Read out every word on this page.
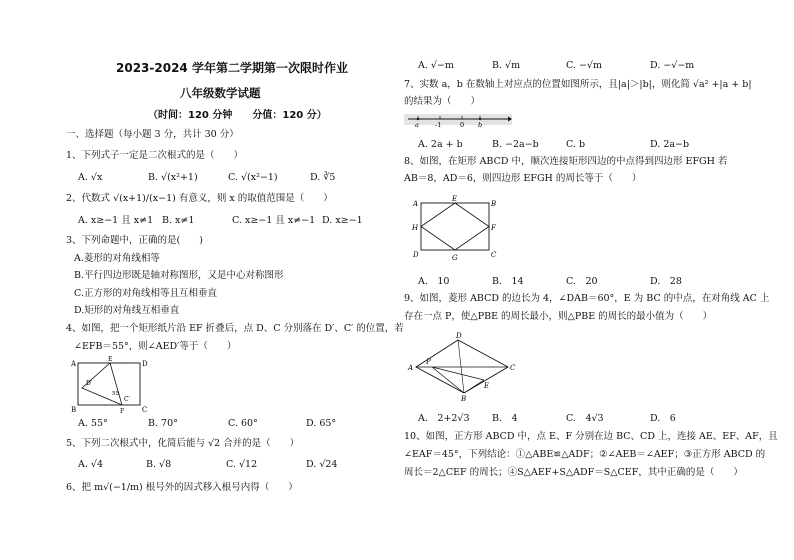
2023-2024 学年第二学期第一次限时作业
八年级数学试题
（时间：120 分钟　　分值：120 分）
一、选择题（每小题 3 分，共计 30 分）
1、下列式子一定是二次根式的是（　　）
A. √x	B. √(x²+1)	C. √(x²−1)	D. ∛5
2、代数式 √(x+1)/(x−1) 有意义，则 x 的取值范围是（　　）
A. x≥−1 且 x≠1 B. x≠1	C. x≥−1 且 x≠−1 D. x≥−1
3、下列命题中，正确的是(　　)
A.菱形的对角线相等
B.平行四边形既是轴对称图形，又是中心对称图形
C.正方形的对角线相等且互相垂直
D.矩形的对角线互相垂直
4、如图，把一个矩形纸片沿 EF 折叠后，点 D、C 分别落在 D′、C′ 的位置，若
∠EFB＝55°，则∠AED′等于（　　）
A	D
E
D′
55
C′
F
B	C
A. 55°	B. 70°	C. 60°	D. 65°
5、下列二次根式中，化简后能与 √2 合并的是（　　）
A. √4	B. √8	C. √12	D. √24
6、把 m√(−1/m) 根号外的因式移入根号内得（　　）
A. √−m	B. √m	C. −√m	D. −√−m
7、实数 a，b 在数轴上对应点的位置如图所示，且|a|＞|b|，则化简 √a² +|a + b|
的结果为（　　）
a -1	0 b
A. 2a + b	B. −2a−b	C. b	D. 2a−b
8、如图，在矩形 ABCD 中，顺次连接矩形四边的中点得到四边形 EFGH 若
AB＝8，AD＝6，则四边形 EFGH 的周长等于（　　）
A
E
B
H	F
D	G	C
A.　10	B.　14	C.　20	D.　28
9、如图，菱形 ABCD 的边长为 4，∠DAB＝60°，E 为 BC 的中点，在对角线 AC 上
存在一点 P，使△PBE 的周长最小，则△PBE 的周长的最小值为（　　）
D
A
P
C
E
B
A.　2+2√3 B.　4	C.　4√3	D.　6
10、如图，正方形 ABCD 中，点 E、F 分别在边 BC、CD 上，连接 AE、EF、AF，且
∠EAF＝45°，下列结论：①△ABE≌△ADF；②∠AEB＝∠AEF；③正方形 ABCD 的
周长＝2△CEF 的周长；④S△AEF+S△ADF＝S△CEF，其中正确的是（　　）
